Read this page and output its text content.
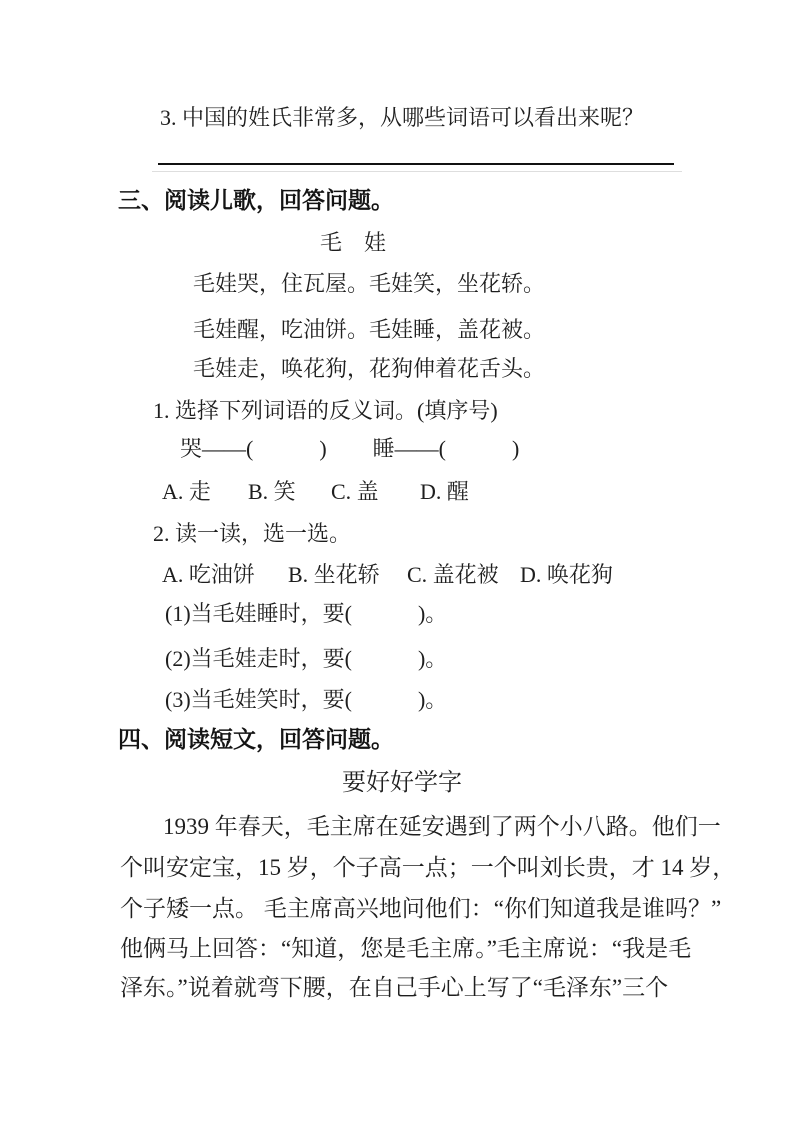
3. 中国的姓氏非常多，从哪些词语可以看出来呢？
三、阅读儿歌，回答问题。
毛　娃
毛娃哭，住瓦屋。毛娃笑，坐花轿。
毛娃醒，吃油饼。毛娃睡，盖花被。
毛娃走，唤花狗，花狗伸着花舌头。
1. 选择下列词语的反义词。(填序号)
哭——(　　　) 睡——(　　　)
A. 走 B. 笑 C. 盖 D. 醒
2. 读一读，选一选。
A. 吃油饼 B. 坐花轿 C. 盖花被 D. 唤花狗
(1)当毛娃睡时，要(　　　)。
(2)当毛娃走时，要(　　　)。
(3)当毛娃笑时，要(　　　)。
四、阅读短文，回答问题。
要好好学字
1939 年春天，毛主席在延安遇到了两个小八路。他们一
个叫安定宝，15 岁，个子高一点；一个叫刘长贵，才 14 岁，
个子矮一点。 毛主席高兴地问他们：“你们知道我是谁吗？”
他俩马上回答：“知道，您是毛主席。”毛主席说：“我是毛
泽东。”说着就弯下腰，在自己手心上写了“毛泽东”三个
